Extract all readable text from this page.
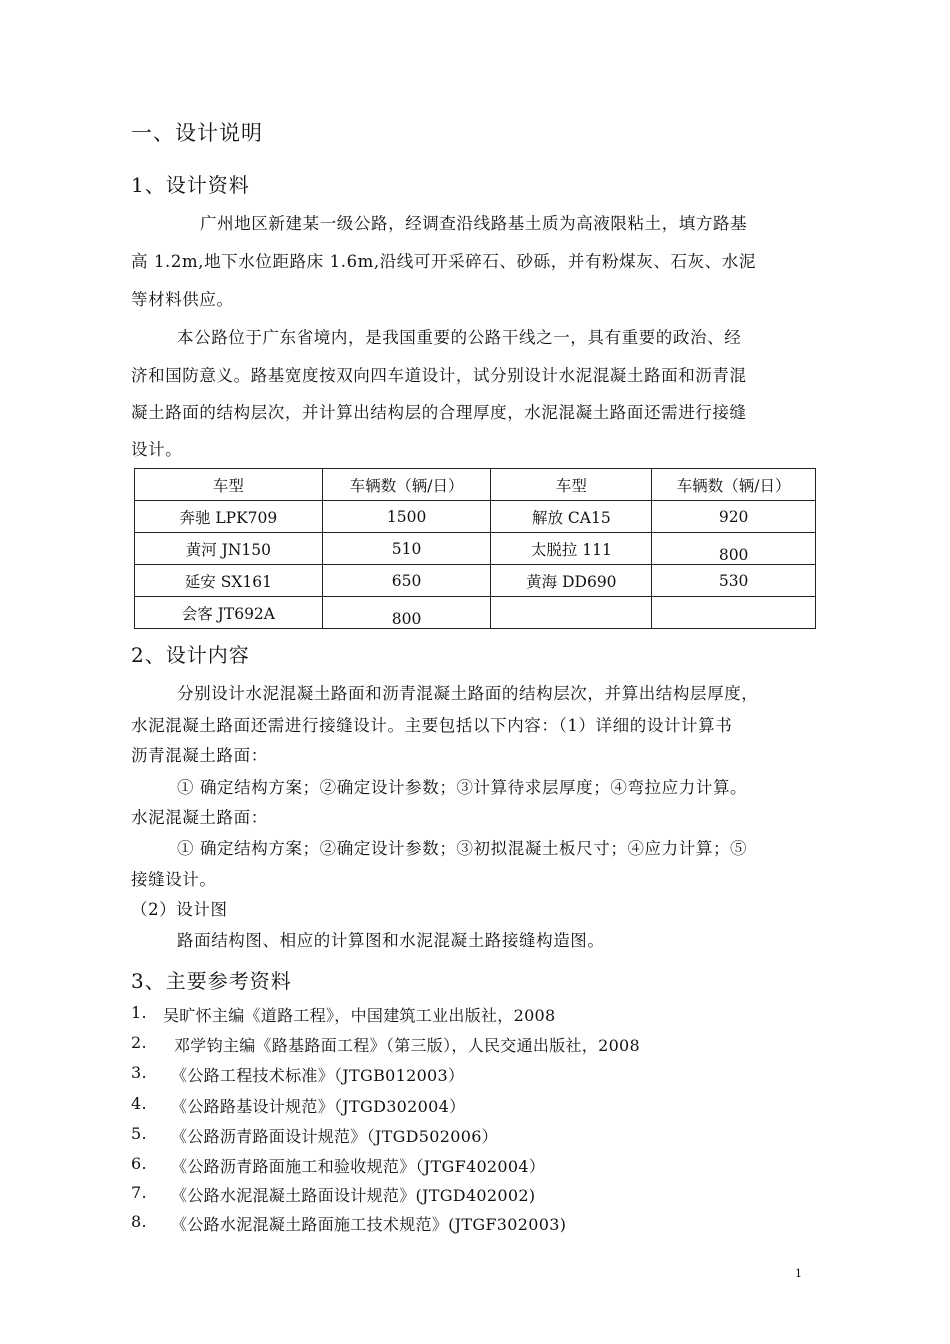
一、设计说明
1、设计资料
广州地区新建某一级公路，经调查沿线路基土质为高液限粘土，填方路基
高 1.2m,地下水位距路床 1.6m,沿线可开采碎石、砂砾，并有粉煤灰、石灰、水泥
等材料供应。
本公路位于广东省境内，是我国重要的公路干线之一，具有重要的政治、经
济和国防意义。路基宽度按双向四车道设计，试分别设计水泥混凝土路面和沥青混
凝土路面的结构层次，并计算出结构层的合理厚度，水泥混凝土路面还需进行接缝
设计。
车型	车辆数（辆/日）	车型	车辆数（辆/日）
奔驰 LPK709	1500	解放 CA15	920
黄河 JN150	510	太脱拉 111	800
延安 SX161	650	黄海 DD690	530
会客 JT692A	800		
2、设计内容
分别设计水泥混凝土路面和沥青混凝土路面的结构层次，并算出结构层厚度，
水泥混凝土路面还需进行接缝设计。主要包括以下内容：（1）详细的设计计算书
沥青混凝土路面：
① 确定结构方案；②确定设计参数；③计算待求层厚度；④弯拉应力计算。
水泥混凝土路面：
① 确定结构方案；②确定设计参数；③初拟混凝土板尺寸；④应力计算；⑤
接缝设计。
（2）设计图
路面结构图、相应的计算图和水泥混凝土路接缝构造图。
3、主要参考资料
1. 吴旷怀主编《道路工程》，中国建筑工业出版社，2008
2. 邓学钧主编《路基路面工程》（第三版），人民交通出版社，2008
3. 《公路工程技术标准》（JTGB012003）
4. 《公路路基设计规范》（JTGD302004）
5. 《公路沥青路面设计规范》（JTGD502006）
6. 《公路沥青路面施工和验收规范》（JTGF402004）
7. 《公路水泥混凝土路面设计规范》(JTGD402002)
8. 《公路水泥混凝土路面施工技术规范》(JTGF302003)
1
